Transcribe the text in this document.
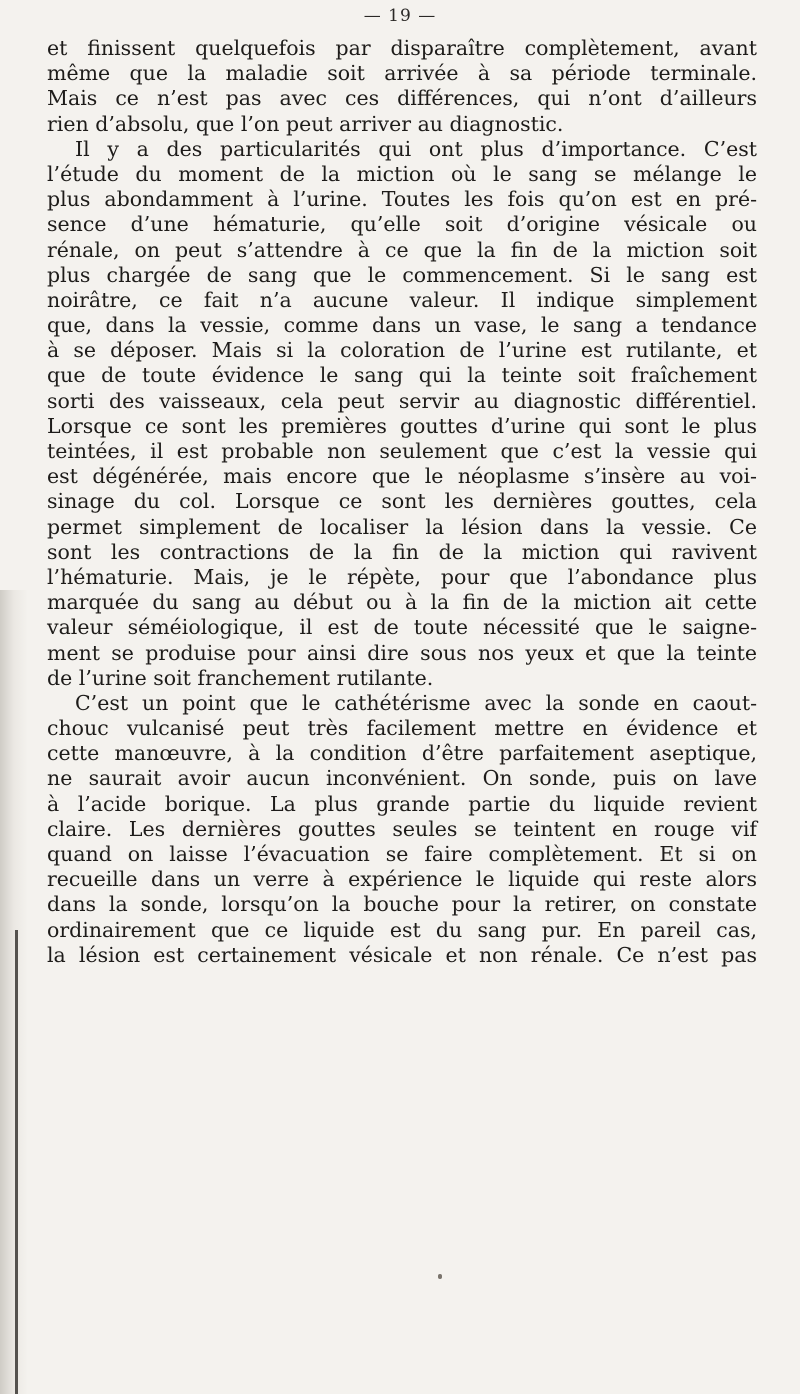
— 19 —
et finissent quelquefois par disparaître complètement, avant
même que la maladie soit arrivée à sa période terminale.
Mais ce n’est pas avec ces différences, qui n’ont d’ailleurs
rien d’absolu, que l’on peut arriver au diagnostic.
Il y a des particularités qui ont plus d’importance. C’est
l’étude du moment de la miction où le sang se mélange le
plus abondamment à l’urine. Toutes les fois qu’on est en pré-
sence d’une hématurie, qu’elle soit d’origine vésicale ou
rénale, on peut s’attendre à ce que la fin de la miction soit
plus chargée de sang que le commencement. Si le sang est
noirâtre, ce fait n’a aucune valeur. Il indique simplement
que, dans la vessie, comme dans un vase, le sang a tendance
à se déposer. Mais si la coloration de l’urine est rutilante, et
que de toute évidence le sang qui la teinte soit fraîchement
sorti des vaisseaux, cela peut servir au diagnostic différentiel.
Lorsque ce sont les premières gouttes d’urine qui sont le plus
teintées, il est probable non seulement que c’est la vessie qui
est dégénérée, mais encore que le néoplasme s’insère au voi-
sinage du col. Lorsque ce sont les dernières gouttes, cela
permet simplement de localiser la lésion dans la vessie. Ce
sont les contractions de la fin de la miction qui ravivent
l’hématurie. Mais, je le répète, pour que l’abondance plus
marquée du sang au début ou à la fin de la miction ait cette
valeur séméiologique, il est de toute nécessité que le saigne-
ment se produise pour ainsi dire sous nos yeux et que la teinte
de l’urine soit franchement rutilante.
C’est un point que le cathétérisme avec la sonde en caout-
chouc vulcanisé peut très facilement mettre en évidence et
cette manœuvre, à la condition d’être parfaitement aseptique,
ne saurait avoir aucun inconvénient. On sonde, puis on lave
à l’acide borique. La plus grande partie du liquide revient
claire. Les dernières gouttes seules se teintent en rouge vif
quand on laisse l’évacuation se faire complètement. Et si on
recueille dans un verre à expérience le liquide qui reste alors
dans la sonde, lorsqu’on la bouche pour la retirer, on constate
ordinairement que ce liquide est du sang pur. En pareil cas,
la lésion est certainement vésicale et non rénale. Ce n’est pas
